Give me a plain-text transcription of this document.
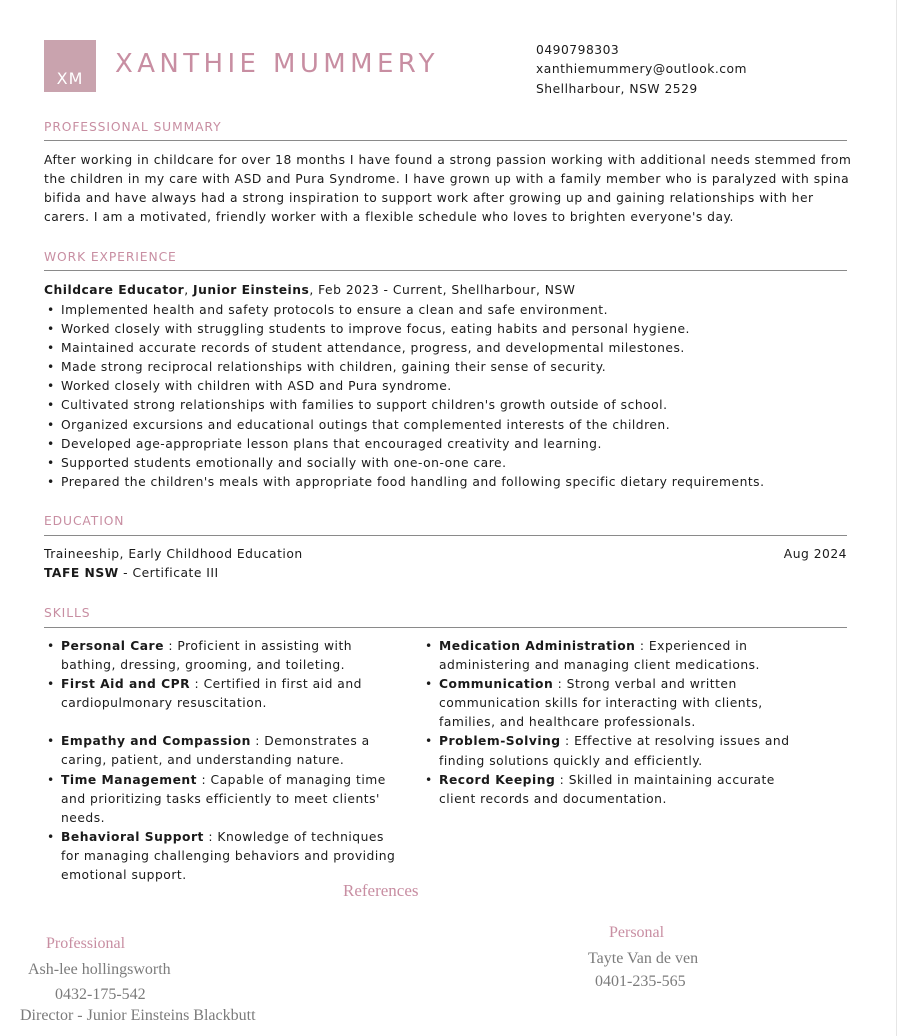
XM	XANTHIE MUMMERY	0490798303
xanthiemummery@outlook.com
Shellharbour, NSW 2529
PROFESSIONAL SUMMARY
After working in childcare for over 18 months I have found a strong passion working with additional needs stemmed from the children in my care with ASD and Pura Syndrome. I have grown up with a family member who is paralyzed with spina bifida and have always had a strong inspiration to support work after growing up and gaining relationships with her carers. I am a motivated, friendly worker with a flexible schedule who loves to brighten everyone's day.
WORK EXPERIENCE
Childcare Educator, Junior Einsteins, Feb 2023 - Current, Shellharbour, NSW
• Implemented health and safety protocols to ensure a clean and safe environment.
• Worked closely with struggling students to improve focus, eating habits and personal hygiene.
• Maintained accurate records of student attendance, progress, and developmental milestones.
• Made strong reciprocal relationships with children, gaining their sense of security.
• Worked closely with children with ASD and Pura syndrome.
• Cultivated strong relationships with families to support children's growth outside of school.
• Organized excursions and educational outings that complemented interests of the children.
• Developed age-appropriate lesson plans that encouraged creativity and learning.
• Supported students emotionally and socially with one-on-one care.
• Prepared the children's meals with appropriate food handling and following specific dietary requirements.
EDUCATION
Traineeship, Early Childhood Education	Aug 2024
TAFE NSW - Certificate III
SKILLS
• Personal Care : Proficient in assisting with bathing, dressing, grooming, and toileting.
• First Aid and CPR : Certified in first aid and cardiopulmonary resuscitation.
• Empathy and Compassion : Demonstrates a caring, patient, and understanding nature.
• Time Management : Capable of managing time and prioritizing tasks efficiently to meet clients' needs.
• Behavioral Support : Knowledge of techniques for managing challenging behaviors and providing emotional support.
• Medication Administration : Experienced in administering and managing client medications.
• Communication : Strong verbal and written communication skills for interacting with clients, families, and healthcare professionals.
• Problem-Solving : Effective at resolving issues and finding solutions quickly and efficiently.
• Record Keeping : Skilled in maintaining accurate client records and documentation.
References
Professional
Ash-lee hollingsworth
0432-175-542
Director - Junior Einsteins Blackbutt
Personal
Tayte Van de ven
0401-235-565
